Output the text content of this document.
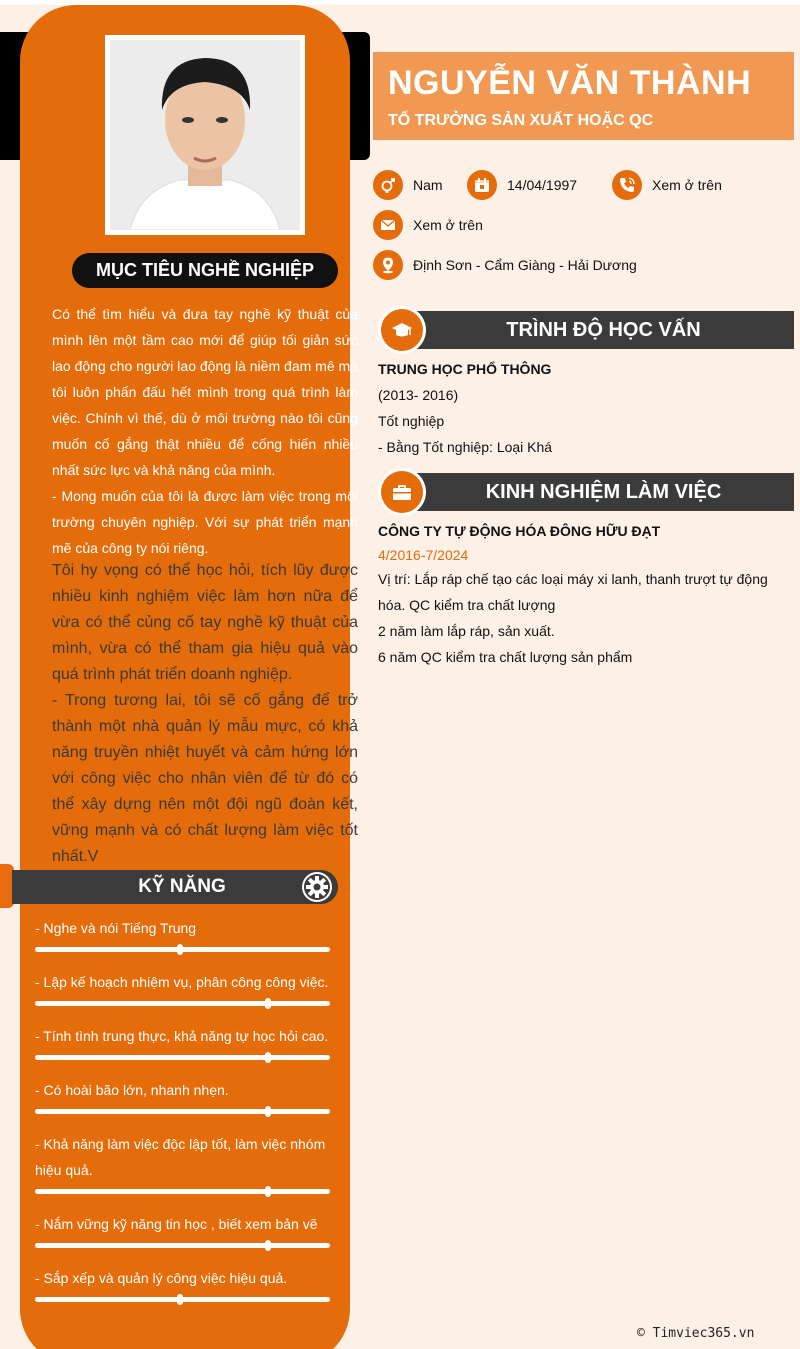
MỤC TIÊU NGHỀ NGHIỆP

Có thể tìm hiểu và đưa tay nghề kỹ thuật của mình lên một tầm cao mới để giúp tối giản sức lao động cho người lao động là niềm đam mê mà tôi luôn phấn đấu hết mình trong quá trình làm việc. Chính vì thế, dù ở môi trường nào tôi cũng muốn cố gắng thật nhiều để cống hiến nhiều nhất sức lực và khả năng của mình.

- Mong muốn của tôi là được làm việc trong môi trường chuyên nghiệp. Với sự phát triển mạnh mẽ của công ty nói riêng.

Tôi hy vọng có thể học hỏi, tích lũy được nhiều kinh nghiệm việc làm hơn nữa để vừa có thể củng cố tay nghề kỹ thuật của mình, vừa có thể tham gia hiệu quả vào quá trình phát triển doanh nghiệp.

- Trong tương lai, tôi sẽ cố gắng để trở thành một nhà quản lý mẫu mực, có khả năng truyền nhiệt huyết và cảm hứng lớn với công việc cho nhân viên để từ đó có thể xây dựng nên một đội ngũ đoàn kết, vững mạnh và có chất lượng làm việc tốt nhất.V

KỸ NĂNG
- Nghe và nói Tiếng Trung
- Lập kế hoạch nhiệm vụ, phân công công việc.
- Tính tình trung thực, khả năng tự học hỏi cao.
- Có hoài bão lớn, nhanh nhẹn.
- Khả năng làm việc độc lập tốt, làm việc nhóm hiệu quả.
- Nắm vững kỹ năng tin học , biết xem bản vẽ
- Sắp xếp và quản lý công việc hiệu quả.
NGUYỄN VĂN THÀNH
TỔ TRƯỞNG SẢN XUẤT HOẶC QC
Nam	14/04/1997	Xem ở trên
Xem ở trên
Định Sơn - Cẩm Giàng - Hải Dương
TRÌNH ĐỘ HỌC VẤN
TRUNG HỌC PHỔ THÔNG
(2013- 2016)
Tốt nghiệp
- Bằng Tốt nghiệp: Loại Khá
KINH NGHIỆM LÀM VIỆC
CÔNG TY TỰ ĐỘNG HÓA ĐÔNG HỮU ĐẠT
4/2016-7/2024
Vị trí: Lắp ráp chế tạo các loại máy xi lanh, thanh trượt tự động hóa. QC kiểm tra chất lượng
2 năm làm lắp ráp, sản xuất.
6 năm QC kiểm tra chất lượng sản phẩm
© Timviec365.vn
